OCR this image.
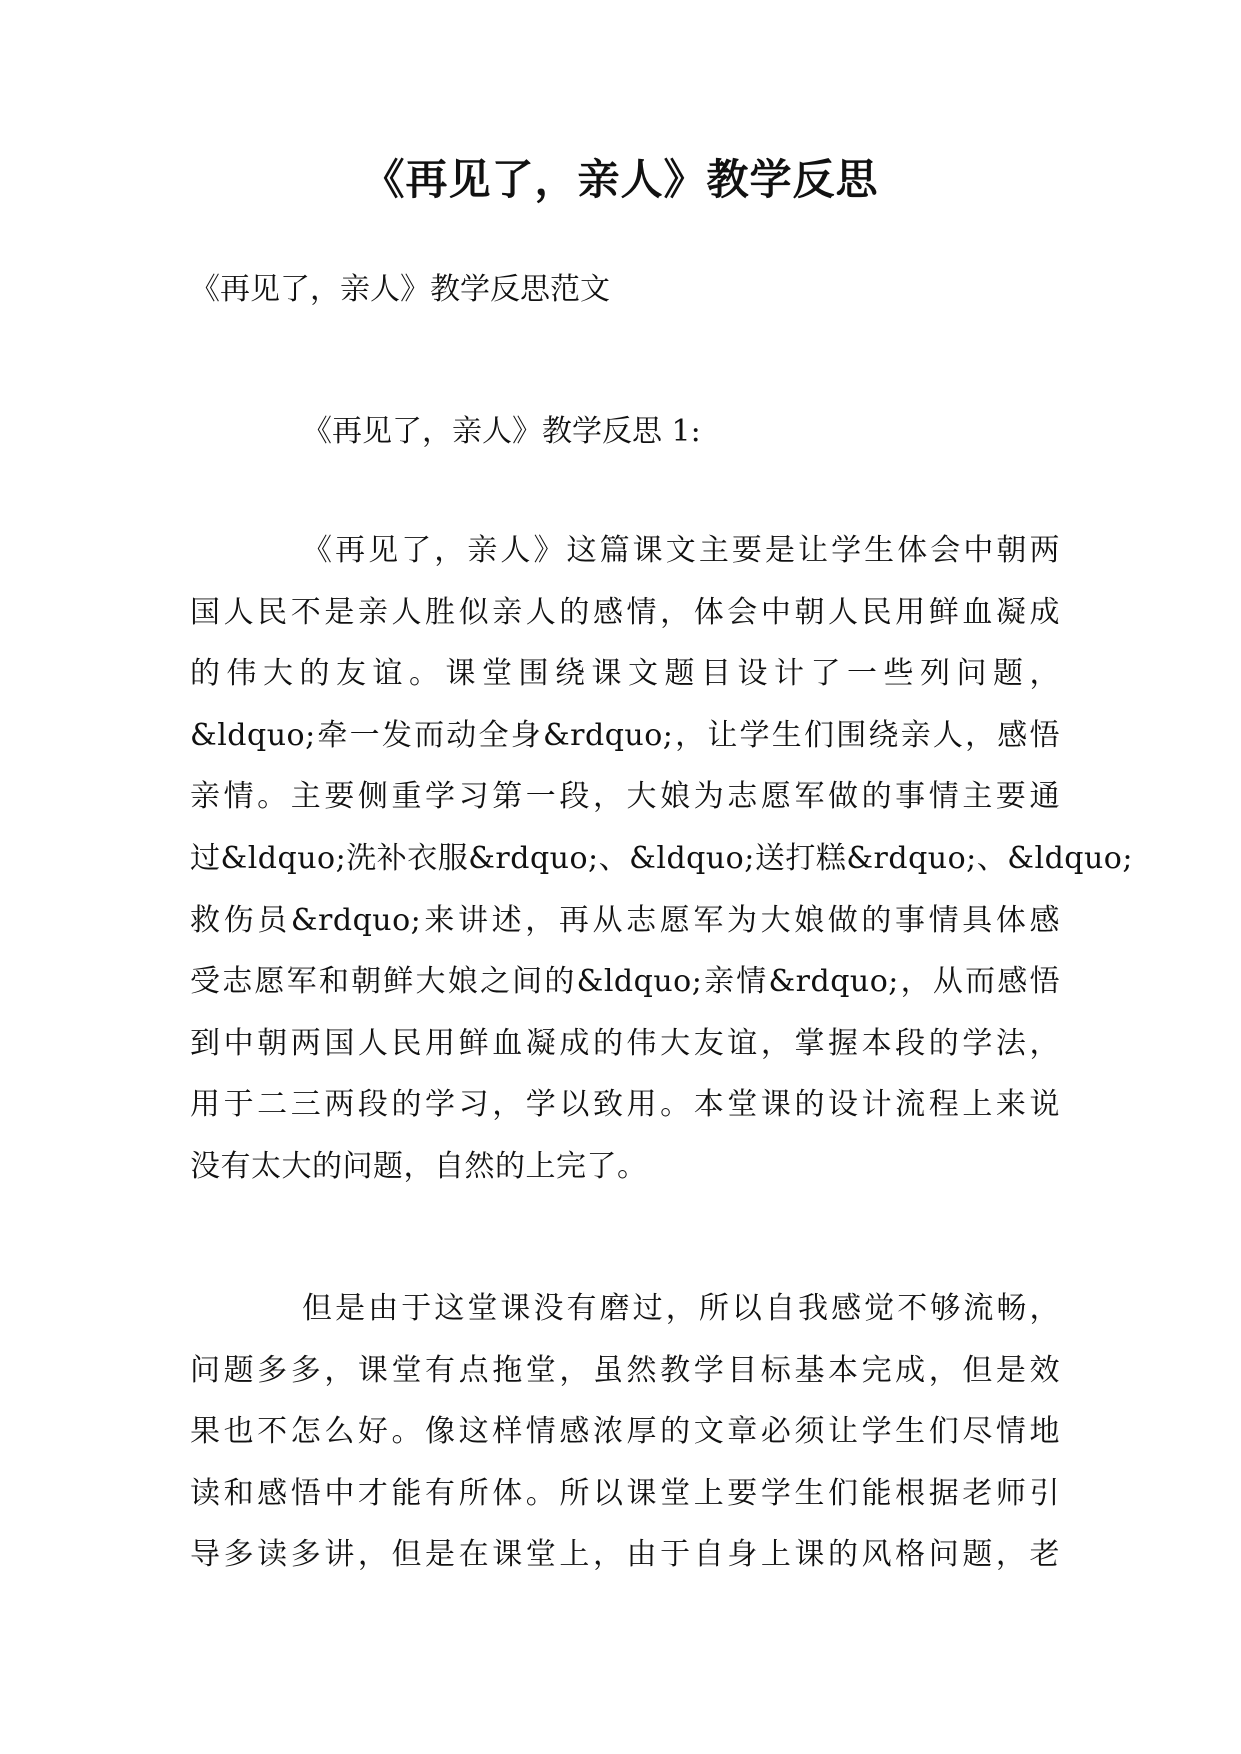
《再见了，亲人》教学反思
《再见了，亲人》教学反思范文
《再见了，亲人》教学反思 1:
《再见了，亲人》这篇课文主要是让学生体会中朝两
国人民不是亲人胜似亲人的感情，体会中朝人民用鲜血凝成
的伟大的友谊。课堂围绕课文题目设计了一些列问题，
&ldquo;牵一发而动全身&rdquo;，让学生们围绕亲人，感悟
亲情。主要侧重学习第一段，大娘为志愿军做的事情主要通
过&ldquo;洗补衣服&rdquo;、&ldquo;送打糕&rdquo;、&ldquo;
救伤员&rdquo;来讲述，再从志愿军为大娘做的事情具体感
受志愿军和朝鲜大娘之间的&ldquo;亲情&rdquo;，从而感悟
到中朝两国人民用鲜血凝成的伟大友谊，掌握本段的学法，
用于二三两段的学习，学以致用。本堂课的设计流程上来说
没有太大的问题，自然的上完了。
但是由于这堂课没有磨过，所以自我感觉不够流畅，
问题多多，课堂有点拖堂，虽然教学目标基本完成，但是效
果也不怎么好。像这样情感浓厚的文章必须让学生们尽情地
读和感悟中才能有所体。所以课堂上要学生们能根据老师引
导多读多讲，但是在课堂上，由于自身上课的风格问题，老
